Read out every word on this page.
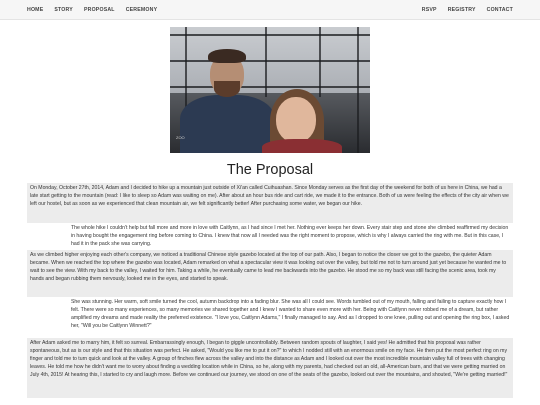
HOME STORY PROPOSAL CEREMONY	RSVP REGISTRY CONTACT
ZOO
The Proposal

On Monday, October 27th, 2014, Adam and I decided to hike up a mountain just outside of Xi'an called Cuihuashan. Since Monday serves as the first day of the weekend for both of us here in China, we had a late start getting to the mountain (read: I like to sleep so Adam was waiting on me). After about an hour bus ride and cart ride, we made it to the entrance. Both of us were feeling the effects of the city air when we left our hostel, but as soon as we experienced that clean mountain air, we felt significantly better! After purchasing some water, we began our hike.

The whole hike I couldn't help but fall more and more in love with Caitlynn, as I had since I met her. Nothing ever keeps her down. Every stair step and stone she climbed reaffirmed my decision in having bought the engagement ring before coming to China. I knew that now all I needed was the right moment to propose, which is why I always carried the ring with me. But in this case, I had it in the pack she was carrying.

As we climbed higher enjoying each other's company, we noticed a traditional Chinese style gazebo located at the top of our path. Also, I began to notice the closer we got to the gazebo, the quieter Adam became. When we reached the top where the gazebo was located, Adam remarked on what a spectacular view it was looking out over the valley, but told me not to turn around just yet because he wanted me to wait to see the view. With my back to the valley, I waited for him. Taking a while, he eventually came to lead me backwards into the gazebo. He stood me so my back was still facing the scenic area, took my hands and began rubbing them nervously, looked me in the eyes, and started to speak.

She was stunning. Her warm, soft smile turned the cool, autumn backdrop into a fading blur. She was all I could see. Words tumbled out of my mouth, falling and failing to capture exactly how I felt. There were so many experiences, so many memories we shared together and I knew I wanted to share even more with her. Being with Caitlynn never robbed me of a dream, but rather amplified my dreams and made reality the preferred existence. "I love you, Caitlynn Adams," I finally managed to say. And as I dropped to one knee, pulling out and opening the ring box, I asked her, "Will you be Caitlynn Winnett?"

After Adam asked me to marry him, it felt so surreal. Embarrassingly enough, I began to giggle uncontrollably. Between random spouts of laughter, I said yes! He admitted that his proposal was rather spontaneous, but as is our style and that this situation was perfect. He asked, "Would you like me to put it on?" to which I nodded still with an enormous smile on my face. He then put the most perfect ring on my finger and told me to turn quick and look at the valley. A group of finches flew across the valley and into the distance as Adam and I looked out over the most incredible mountain valley full of trees with changing leaves. He told me how he didn't want me to worry about finding a wedding location while in China, so he, along with my parents, had checked out an old, all-American barn, and that we were getting married on July 4th, 2015! At hearing this, I started to cry and laugh more. Before we continued our journey, we stood on one of the seats of the gazebo, looked out over the mountains, and shouted, "We're getting married!"
